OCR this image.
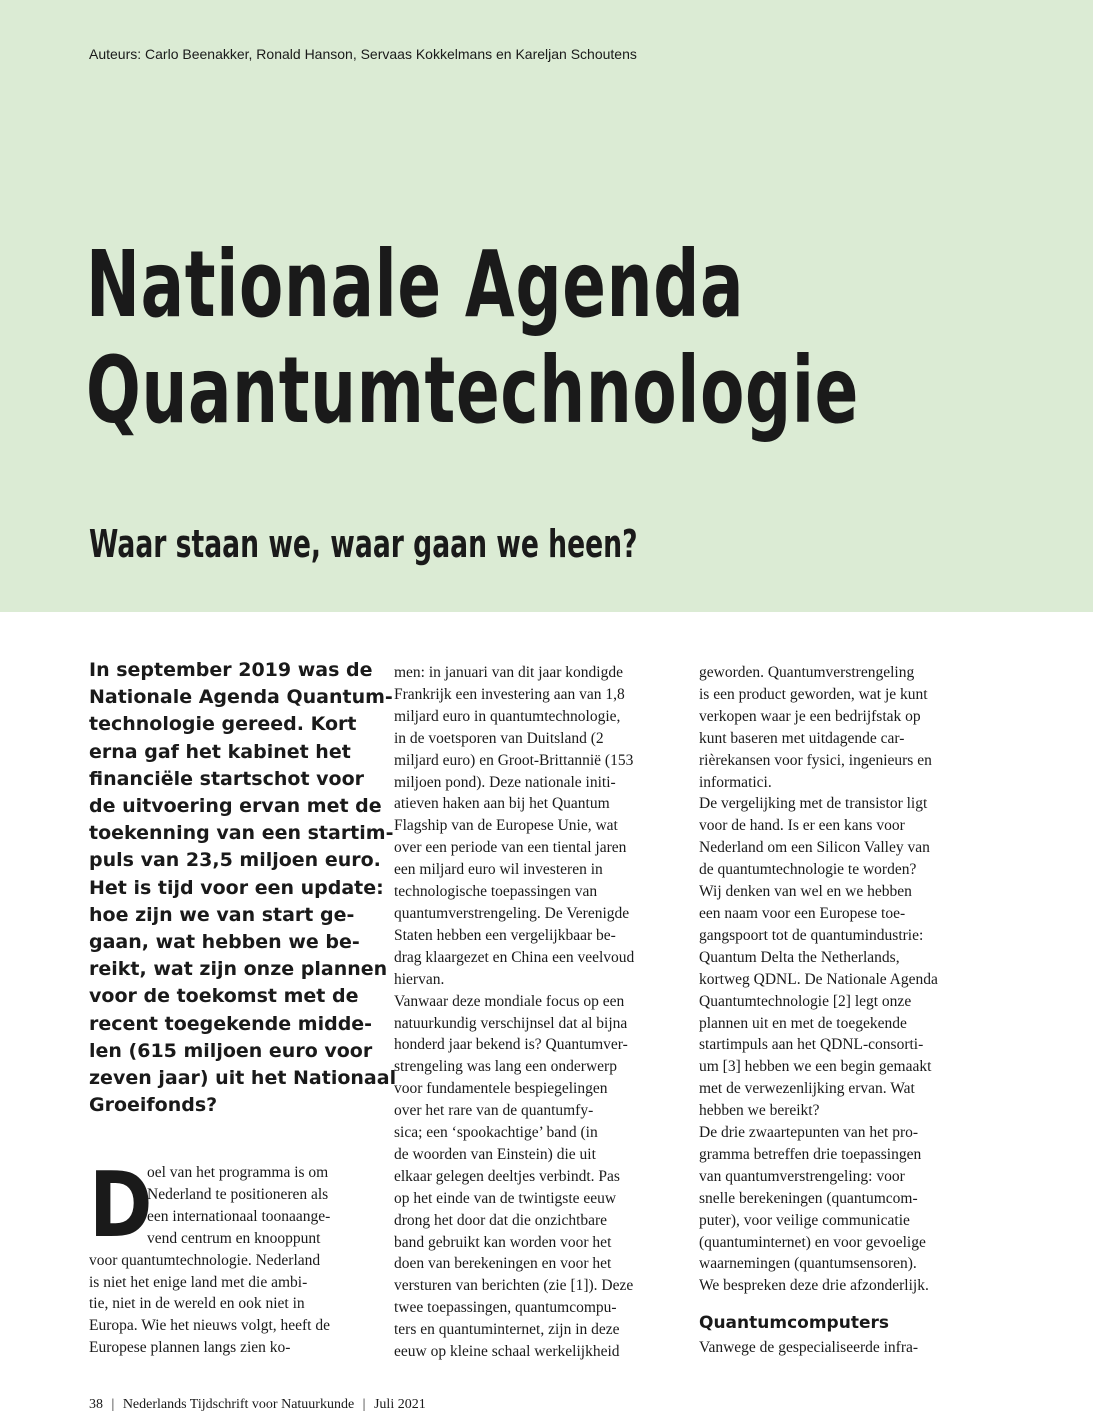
Auteurs: Carlo Beenakker, Ronald Hanson, Servaas Kokkelmans en Kareljan Schoutens
Nationale Agenda
Quantumtechnologie
Waar staan we, waar gaan we heen?
In september 2019 was de
Nationale Agenda Quantum-
technologie gereed. Kort
erna gaf het kabinet het
financiële startschot voor
de uitvoering ervan met de
toekenning van een startim-
puls van 23,5 miljoen euro.
Het is tijd voor een update:
hoe zijn we van start ge-
gaan, wat hebben we be-
reikt, wat zijn onze plannen
voor de toekomst met de
recent toegekende midde-
len (615 miljoen euro voor
zeven jaar) uit het Nationaal
Groeifonds?
D
oel van het programma is om
Nederland te positioneren als
een internationaal toonaange-
vend centrum en knooppunt
voor quantumtechnologie. Nederland
is niet het enige land met die ambi-
tie, niet in de wereld en ook niet in
Europa. Wie het nieuws volgt, heeft de
Europese plannen langs zien ko-
men: in januari van dit jaar kondigde
Frankrijk een investering aan van 1,8
miljard euro in quantumtechnologie,
in de voetsporen van Duitsland (2
miljard euro) en Groot-Brittannië (153
miljoen pond). Deze nationale initi-
atieven haken aan bij het Quantum
Flagship van de Europese Unie, wat
over een periode van een tiental jaren
een miljard euro wil investeren in
technologische toepassingen van
quantumverstrengeling. De Verenigde
Staten hebben een vergelijkbaar be-
drag klaargezet en China een veelvoud
hiervan.
Vanwaar deze mondiale focus op een
natuurkundig verschijnsel dat al bijna
honderd jaar bekend is? Quantumver-
strengeling was lang een onderwerp
voor fundamentele bespiegelingen
over het rare van de quantumfy-
sica; een ‘spookachtige’ band (in
de woorden van Einstein) die uit
elkaar gelegen deeltjes verbindt. Pas
op het einde van de twintigste eeuw
drong het door dat die onzichtbare
band gebruikt kan worden voor het
doen van berekeningen en voor het
versturen van berichten (zie [1]). Deze
twee toepassingen, quantumcompu-
ters en quantuminternet, zijn in deze
eeuw op kleine schaal werkelijkheid
geworden. Quantumverstrengeling
is een product geworden, wat je kunt
verkopen waar je een bedrijfstak op
kunt baseren met uitdagende car-
rièrekansen voor fysici, ingenieurs en
informatici.
De vergelijking met de transistor ligt
voor de hand. Is er een kans voor
Nederland om een Silicon Valley van
de quantumtechnologie te worden?
Wij denken van wel en we hebben
een naam voor een Europese toe-
gangspoort tot de quantumindustrie:
Quantum Delta the Netherlands,
kortweg QDNL. De Nationale Agenda
Quantumtechnologie [2] legt onze
plannen uit en met de toegekende
startimpuls aan het QDNL-consorti-
um [3] hebben we een begin gemaakt
met de verwezenlijking ervan. Wat
hebben we bereikt?
De drie zwaartepunten van het pro-
gramma betreffen drie toepassingen
van quantumverstrengeling: voor
snelle berekeningen (quantumcom-
puter), voor veilige communicatie
(quantuminternet) en voor gevoelige
waarnemingen (quantumsensoren).
We bespreken deze drie afzonderlijk.
Quantumcomputers
Vanwege de gespecialiseerde infra-
38 | Nederlands Tijdschrift voor Natuurkunde | Juli 2021
